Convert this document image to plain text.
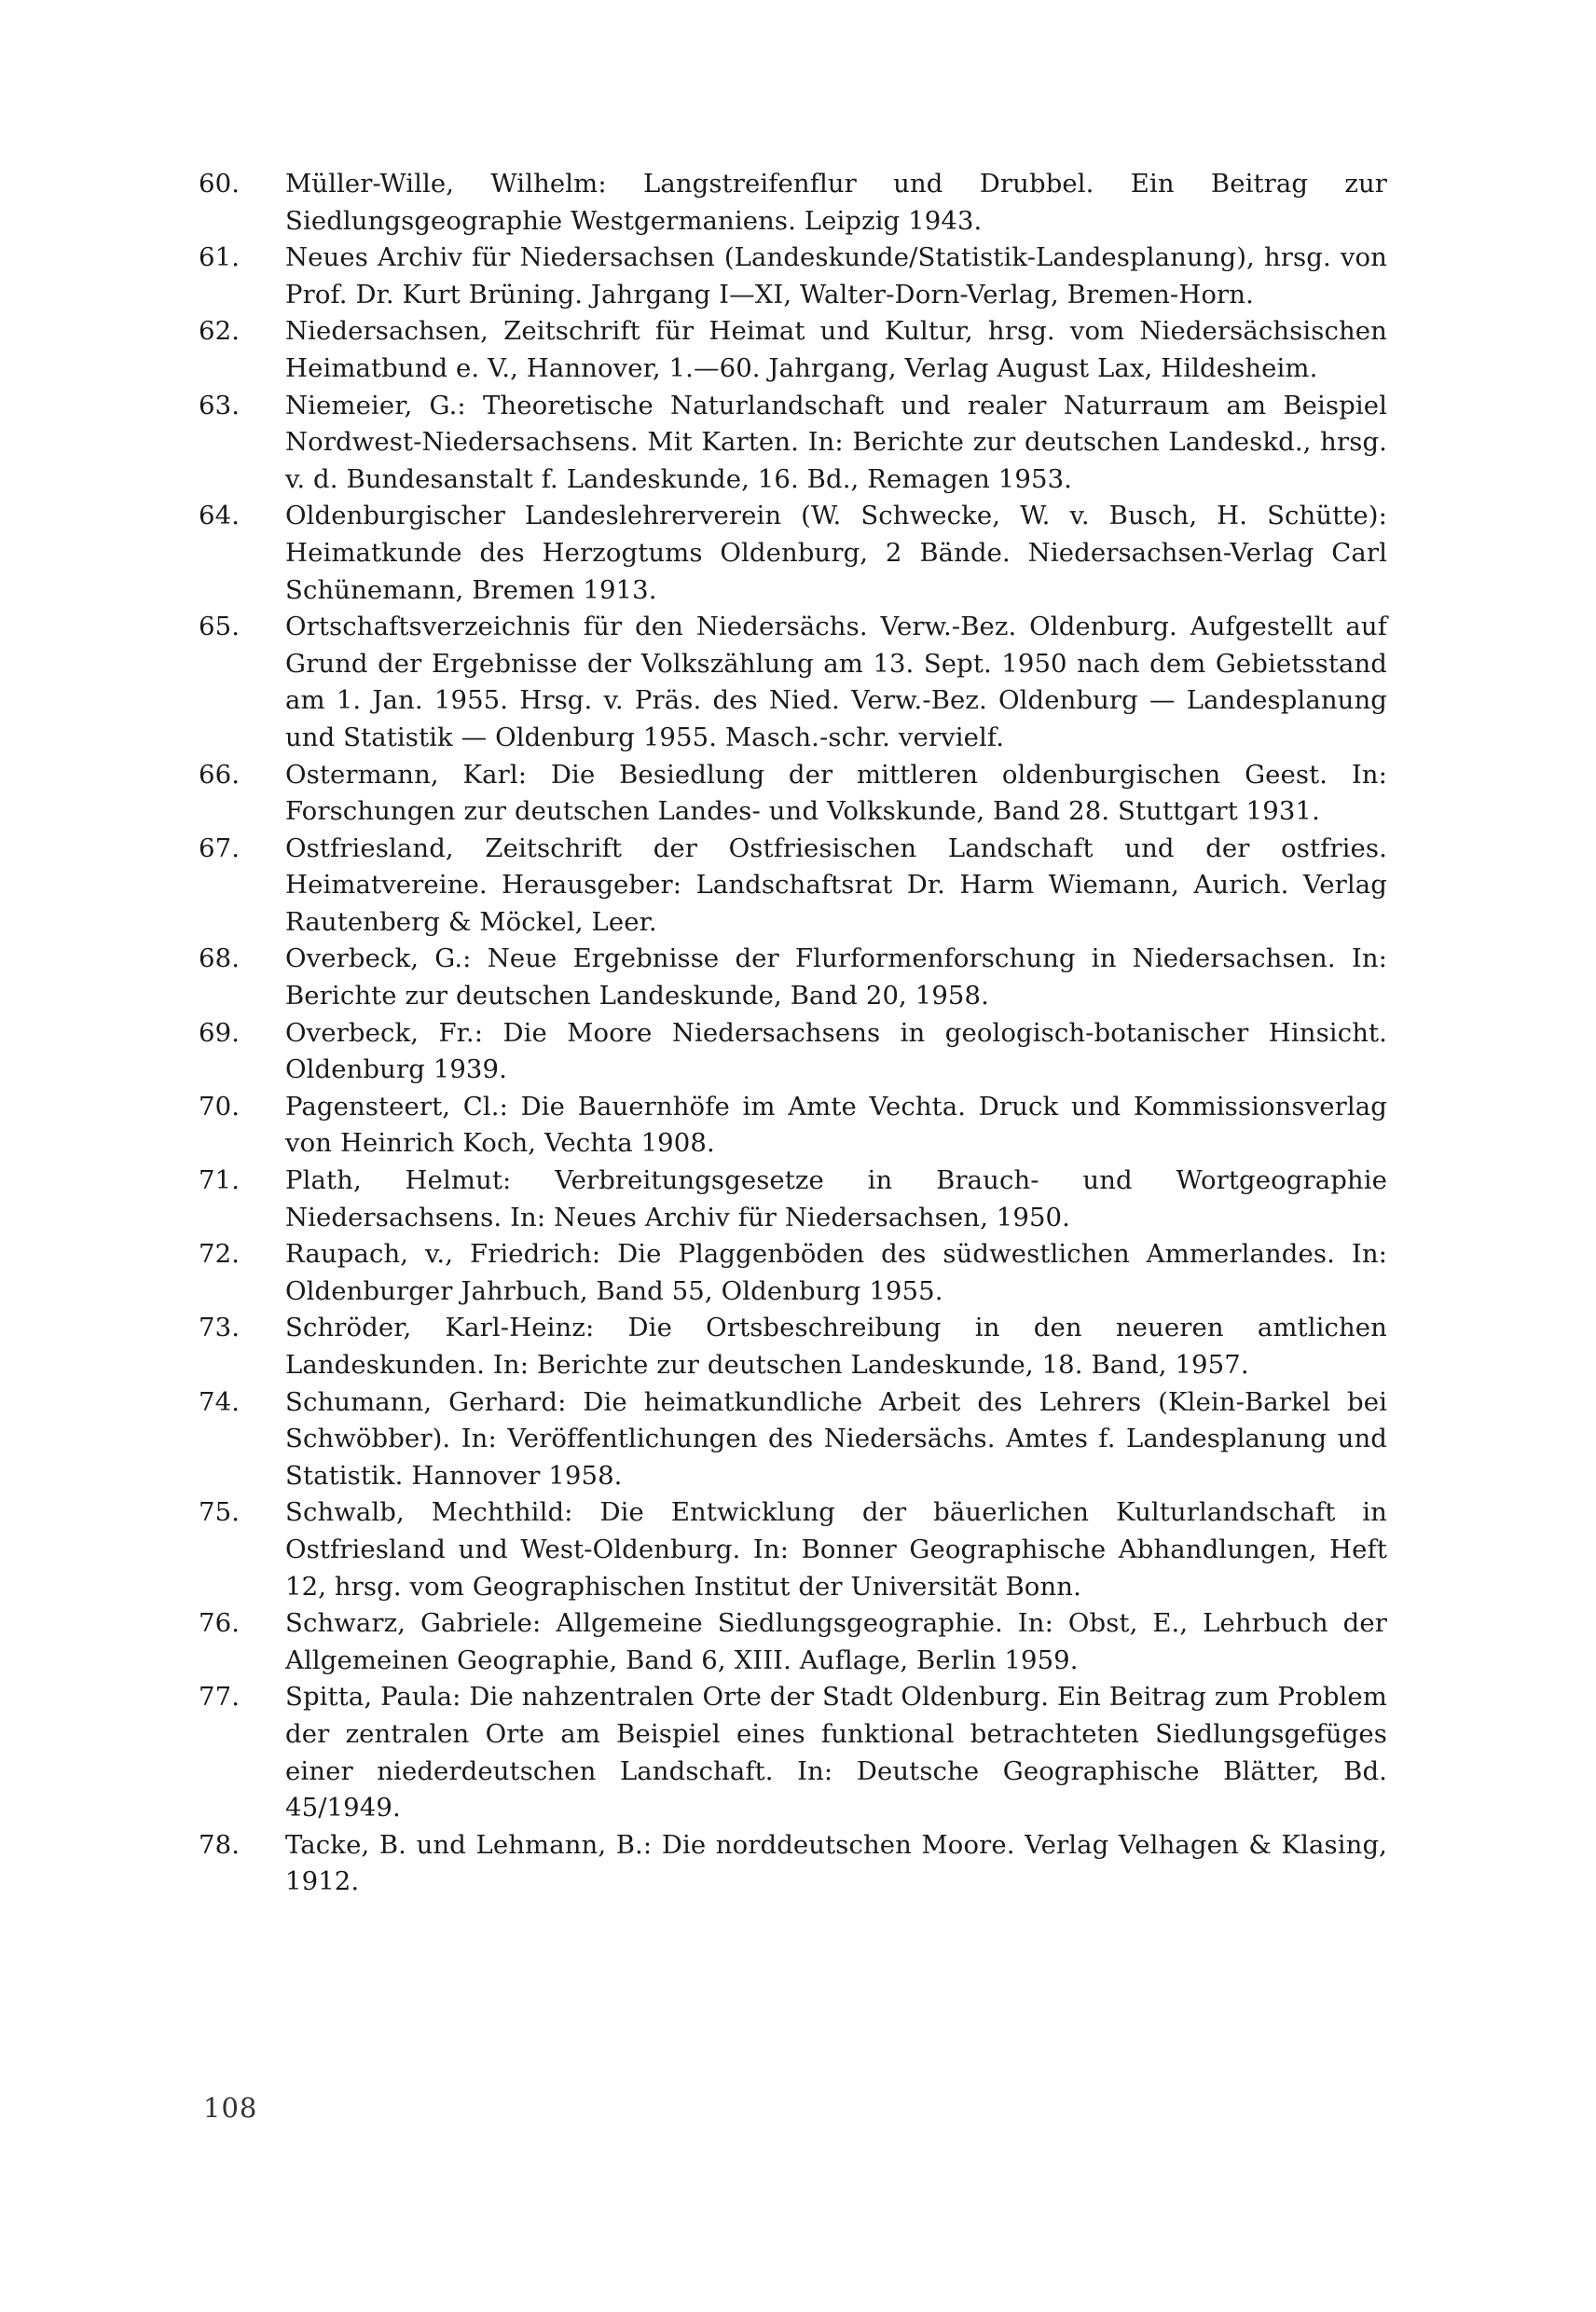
60.	Müller-Wille, Wilhelm: Langstreifenflur und Drubbel. Ein Beitrag zur Siedlungsgeographie Westgermaniens. Leipzig 1943.
61.	Neues Archiv für Niedersachsen (Landeskunde/Statistik-Landesplanung), hrsg. von Prof. Dr. Kurt Brüning. Jahrgang I—XI, Walter-Dorn-Verlag, Bremen-Horn.
62.	Niedersachsen, Zeitschrift für Heimat und Kultur, hrsg. vom Niedersächsischen Heimatbund e. V., Hannover, 1.—60. Jahrgang, Verlag August Lax, Hildesheim.
63.	Niemeier, G.: Theoretische Naturlandschaft und realer Naturraum am Beispiel Nordwest-Niedersachsens. Mit Karten. In: Berichte zur deutschen Landeskd., hrsg. v. d. Bundesanstalt f. Landeskunde, 16. Bd., Remagen 1953.
64.	Oldenburgischer Landeslehrerverein (W. Schwecke, W. v. Busch, H. Schütte): Heimatkunde des Herzogtums Oldenburg, 2 Bände. Niedersachsen-Verlag Carl Schünemann, Bremen 1913.
65.	Ortschaftsverzeichnis für den Niedersächs. Verw.-Bez. Oldenburg. Aufgestellt auf Grund der Ergebnisse der Volkszählung am 13. Sept. 1950 nach dem Gebietsstand am 1. Jan. 1955. Hrsg. v. Präs. des Nied. Verw.-Bez. Oldenburg — Landesplanung und Statistik — Oldenburg 1955. Masch.-schr. vervielf.
66.	Ostermann, Karl: Die Besiedlung der mittleren oldenburgischen Geest. In: Forschungen zur deutschen Landes- und Volkskunde, Band 28. Stuttgart 1931.
67.	Ostfriesland, Zeitschrift der Ostfriesischen Landschaft und der ostfries. Heimatvereine. Herausgeber: Landschaftsrat Dr. Harm Wiemann, Aurich. Verlag Rautenberg & Möckel, Leer.
68.	Overbeck, G.: Neue Ergebnisse der Flurformenforschung in Niedersachsen. In: Berichte zur deutschen Landeskunde, Band 20, 1958.
69.	Overbeck, Fr.: Die Moore Niedersachsens in geologisch-botanischer Hinsicht. Oldenburg 1939.
70.	Pagensteert, Cl.: Die Bauernhöfe im Amte Vechta. Druck und Kommissionsverlag von Heinrich Koch, Vechta 1908.
71.	Plath, Helmut: Verbreitungsgesetze in Brauch- und Wortgeographie Niedersachsens. In: Neues Archiv für Niedersachsen, 1950.
72.	Raupach, v., Friedrich: Die Plaggenböden des südwestlichen Ammerlandes. In: Oldenburger Jahrbuch, Band 55, Oldenburg 1955.
73.	Schröder, Karl-Heinz: Die Ortsbeschreibung in den neueren amtlichen Landeskunden. In: Berichte zur deutschen Landeskunde, 18. Band, 1957.
74.	Schumann, Gerhard: Die heimatkundliche Arbeit des Lehrers (Klein-Barkel bei Schwöbber). In: Veröffentlichungen des Niedersächs. Amtes f. Landesplanung und Statistik. Hannover 1958.
75.	Schwalb, Mechthild: Die Entwicklung der bäuerlichen Kulturlandschaft in Ostfriesland und West-Oldenburg. In: Bonner Geographische Abhandlungen, Heft 12, hrsg. vom Geographischen Institut der Universität Bonn.
76.	Schwarz, Gabriele: Allgemeine Siedlungsgeographie. In: Obst, E., Lehrbuch der Allgemeinen Geographie, Band 6, XIII. Auflage, Berlin 1959.
77.	Spitta, Paula: Die nahzentralen Orte der Stadt Oldenburg. Ein Beitrag zum Problem der zentralen Orte am Beispiel eines funktional betrachteten Siedlungsgefüges einer niederdeutschen Landschaft. In: Deutsche Geographische Blätter, Bd. 45/1949.
78.	Tacke, B. und Lehmann, B.: Die norddeutschen Moore. Verlag Velhagen & Klasing, 1912.
108
